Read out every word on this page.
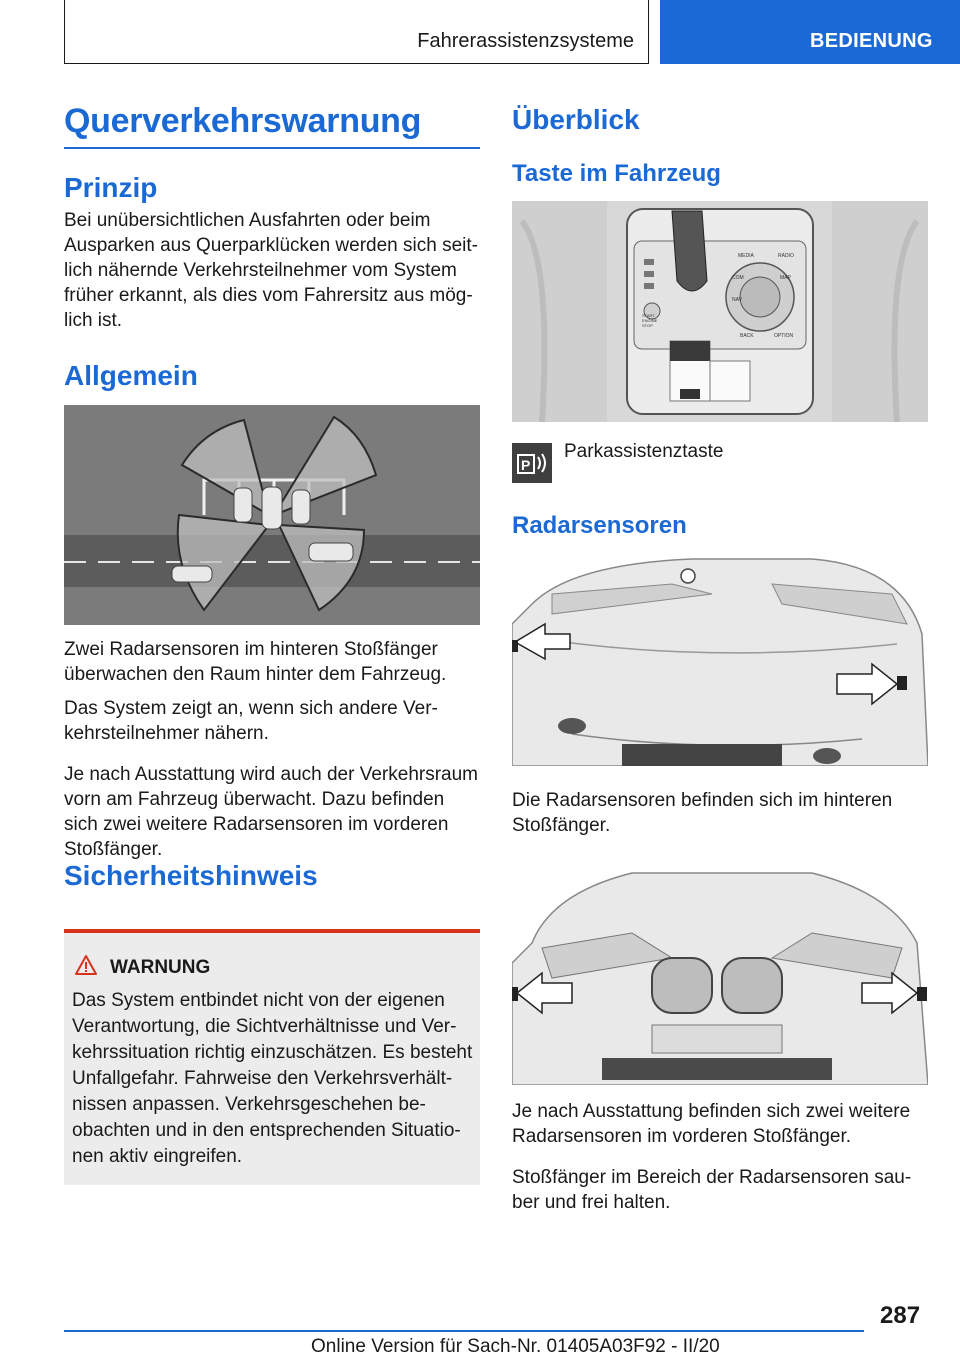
Fahrerassistenzsysteme	BEDIENUNG
Querverkehrswarnung
Prinzip

Bei unübersichtlichen Ausfahrten oder beim Ausparken aus Querparklücken werden sich seitlich nähernde Verkehrsteilnehmer vom System früher erkannt, als dies vom Fahrersitz aus möglich ist.

Allgemein

Zwei Radarsensoren im hinteren Stoßfänger überwachen den Raum hinter dem Fahrzeug.

Das System zeigt an, wenn sich andere Verkehrsteilnehmer nähern.

Je nach Ausstattung wird auch der Verkehrsraum vorn am Fahrzeug überwacht. Dazu befinden sich zwei weitere Radarsensoren im vorderen Stoßfänger.

Sicherheitshinweis
WARNUNG

Das System entbindet nicht von der eigenen Verantwortung, die Sichtverhältnisse und Verkehrssituation richtig einzuschätzen. Es besteht Unfallgefahr. Fahrweise den Verkehrsverhältnissen anpassen. Verkehrsgeschehen beobachten und in den entsprechenden Situationen aktiv eingreifen.

Überblick
Taste im Fahrzeug
START ENGINE STOP
MEDIA	RADIO
COM
NAV
MAP
BACK	OPTION
P
Parkassistenztaste
Radarsensoren

Die Radarsensoren befinden sich im hinteren Stoßfänger.

Je nach Ausstattung befinden sich zwei weitere Radarsensoren im vorderen Stoßfänger.

Stoßfänger im Bereich der Radarsensoren sauber und frei halten.

287
Online Version für Sach-Nr. 01405A03F92 - II/20
